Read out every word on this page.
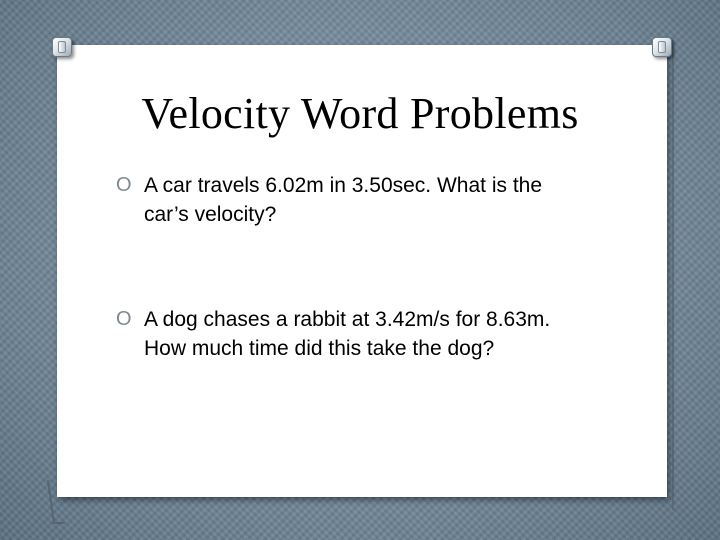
Velocity Word Problems
O A car travels 6.02m in 3.50sec. What is the car’s velocity?
O A dog chases a rabbit at 3.42m/s for 8.63m. How much time did this take the dog?
